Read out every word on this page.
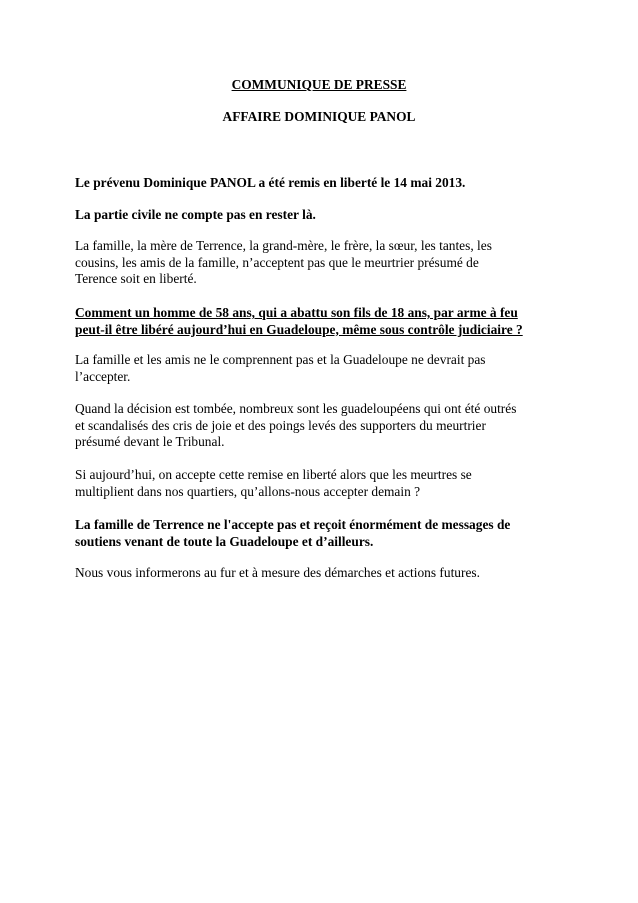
COMMUNIQUE DE PRESSE

AFFAIRE DOMINIQUE PANOL

Le prévenu Dominique PANOL a été remis en liberté le 14 mai 2013.

La partie civile ne compte pas en rester là.

La famille, la mère de Terrence, la grand-mère, le frère, la sœur, les tantes, les
cousins, les amis de la famille, n’acceptent pas que le meurtrier présumé de
Terence soit en liberté.

Comment un homme de 58 ans, qui a abattu son fils de 18 ans, par arme à feu
peut-il être libéré aujourd’hui en Guadeloupe, même sous contrôle judiciaire ?

La famille et les amis ne le comprennent pas et la Guadeloupe ne devrait pas
l’accepter.

Quand la décision est tombée, nombreux sont les guadeloupéens qui ont été outrés
et scandalisés des cris de joie et des poings levés des supporters du meurtrier
présumé devant le Tribunal.

Si aujourd’hui, on accepte cette remise en liberté alors que les meurtres se
multiplient dans nos quartiers, qu’allons-nous accepter demain ?

La famille de Terrence ne l'accepte pas et reçoit énormément de messages de
soutiens venant de toute la Guadeloupe et d’ailleurs.

Nous vous informerons au fur et à mesure des démarches et actions futures.
